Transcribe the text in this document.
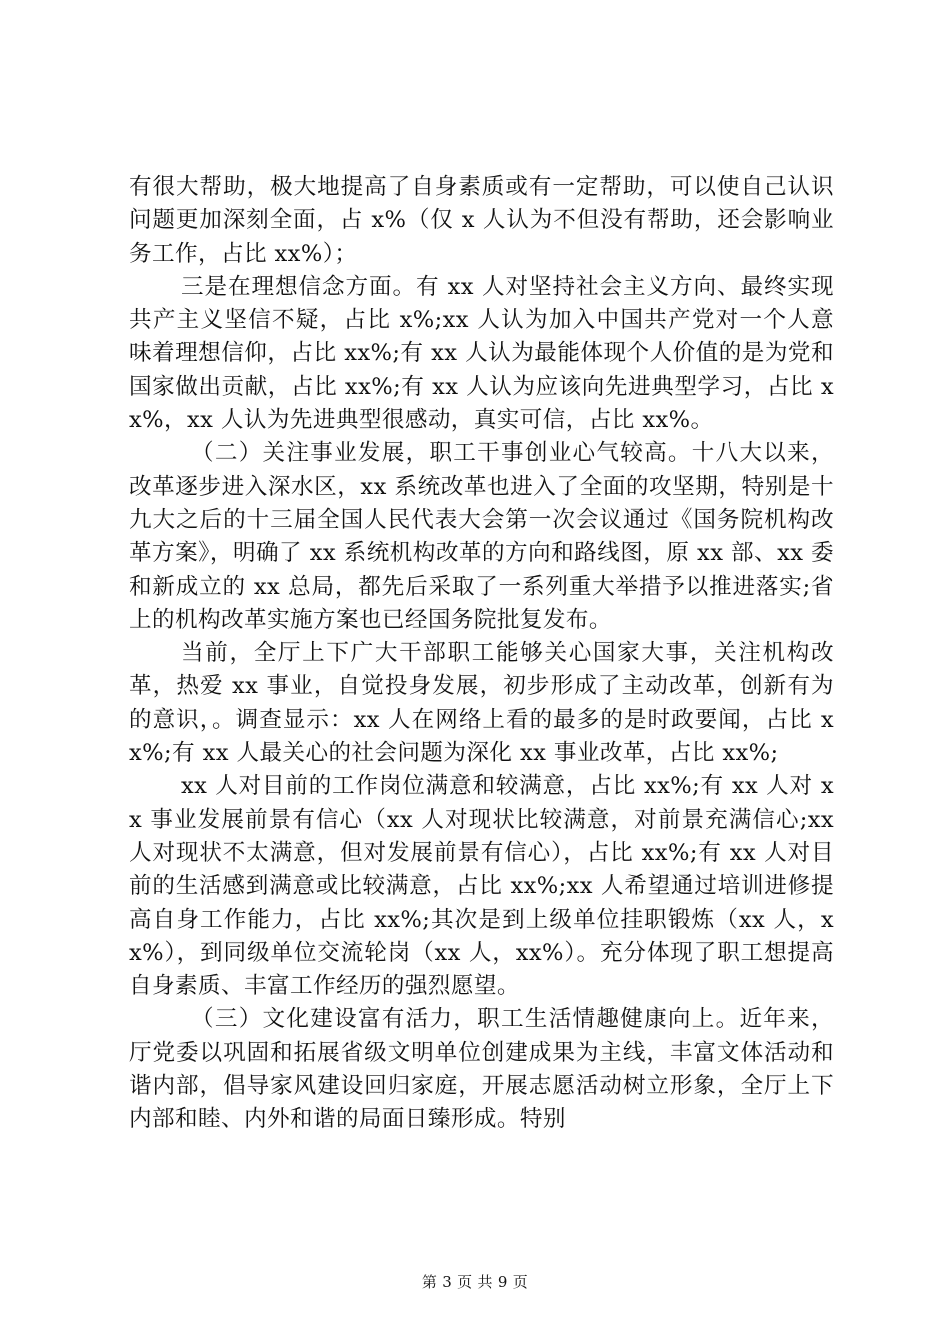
有很大帮助，极大地提高了自身素质或有一定帮助，可以使自己认识问题更加深刻全面，占 x%（仅 x 人认为不但没有帮助，还会影响业务工作，占比 xx%）；

三是在理想信念方面。有 xx 人对坚持社会主义方向、最终实现共产主义坚信不疑，占比 x%;xx 人认为加入中国共产党对一个人意味着理想信仰，占比 xx%;有 xx 人认为最能体现个人价值的是为党和国家做出贡献，占比 xx%;有 xx 人认为应该向先进典型学习，占比 xx%，xx 人认为先进典型很感动，真实可信，占比 xx%。

（二）关注事业发展，职工干事创业心气较高。十八大以来，改革逐步进入深水区，xx 系统改革也进入了全面的攻坚期，特别是十九大之后的十三届全国人民代表大会第一次会议通过《国务院机构改革方案》，明确了 xx 系统机构改革的方向和路线图，原 xx 部、xx 委和新成立的 xx 总局，都先后采取了一系列重大举措予以推进落实;省上的机构改革实施方案也已经国务院批复发布。

当前，全厅上下广大干部职工能够关心国家大事，关注机构改革，热爱 xx 事业，自觉投身发展，初步形成了主动改革，创新有为的意识，。调查显示：xx 人在网络上看的最多的是时政要闻，占比 xx%;有 xx 人最关心的社会问题为深化 xx 事业改革，占比 xx%;

xx 人对目前的工作岗位满意和较满意，占比 xx%;有 xx 人对 xx 事业发展前景有信心（xx 人对现状比较满意，对前景充满信心;xx 人对现状不太满意，但对发展前景有信心），占比 xx%;有 xx 人对目前的生活感到满意或比较满意，占比 xx%;xx 人希望通过培训进修提高自身工作能力，占比 xx%;其次是到上级单位挂职锻炼（xx 人，xx%），到同级单位交流轮岗（xx 人，xx%）。充分体现了职工想提高自身素质、丰富工作经历的强烈愿望。

（三）文化建设富有活力，职工生活情趣健康向上。近年来，厅党委以巩固和拓展省级文明单位创建成果为主线，丰富文体活动和谐内部，倡导家风建设回归家庭，开展志愿活动树立形象，全厅上下内部和睦、内外和谐的局面日臻形成。特别

第 3 页 共 9 页
